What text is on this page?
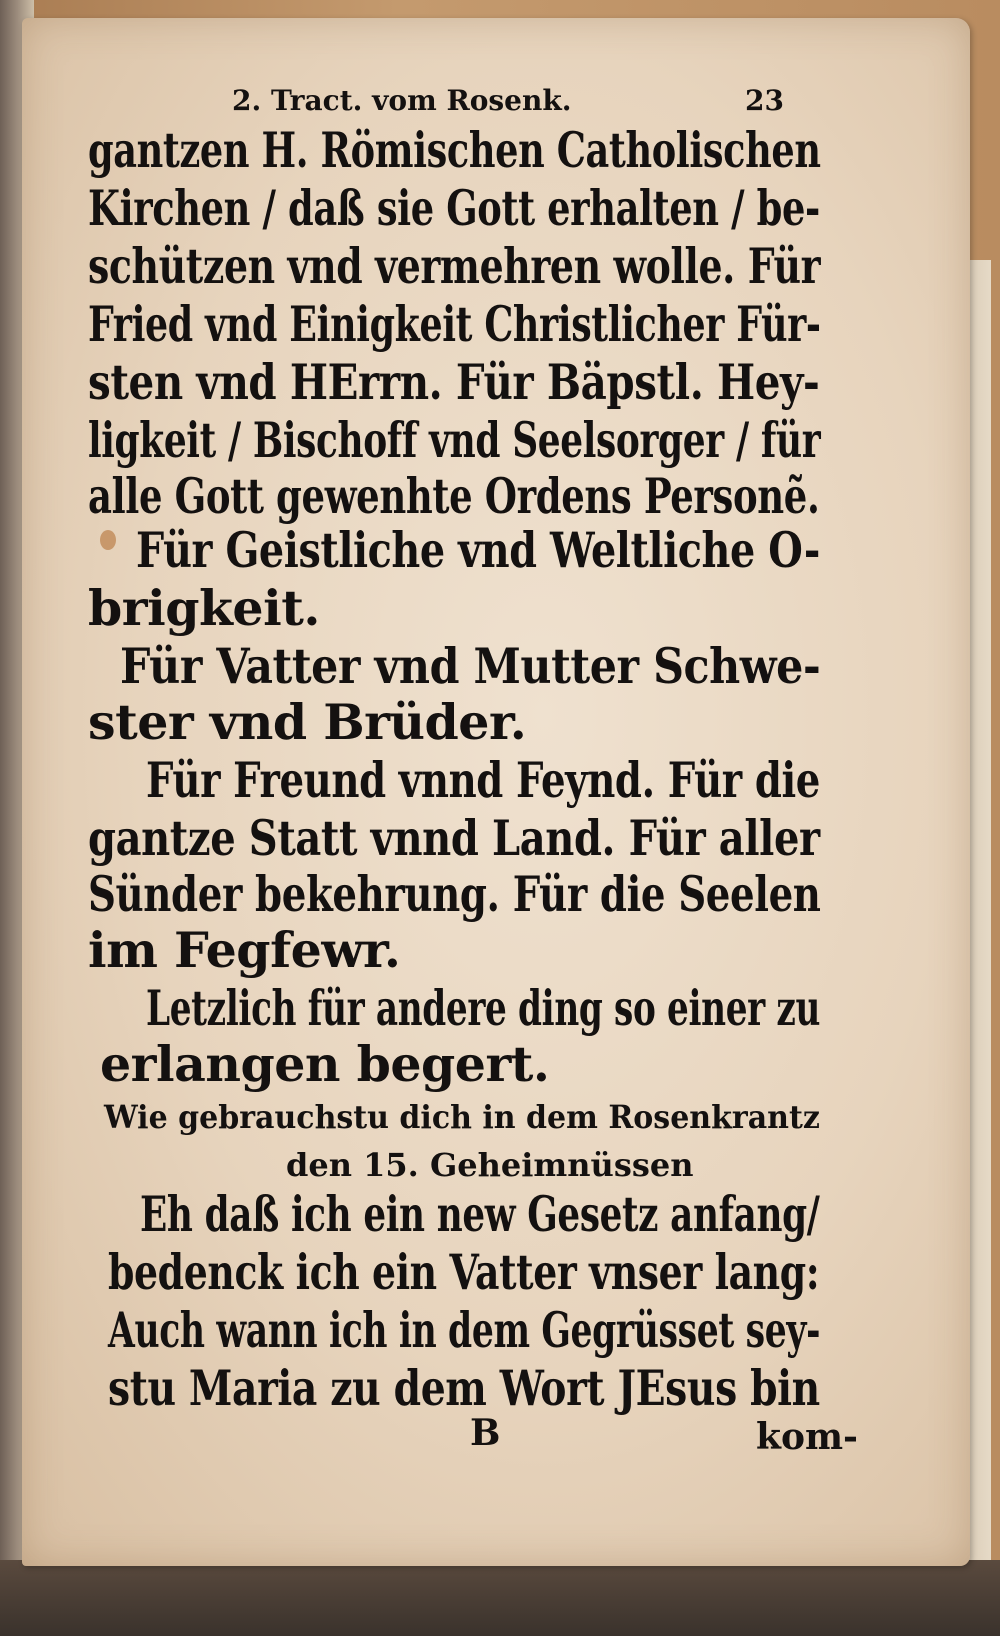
2. Tract. vom Rosenk.	23
gantzen H. Römischen Catholischen
Kirchen / daß sie Gott erhalten / be-
schützen vnd vermehren wolle. Für
Fried vnd Einigkeit Christlicher Für-
sten vnd HErrn. Für Bäpstl. Hey-
ligkeit / Bischoff vnd Seelsorger / für
alle Gott gewenhte Ordens Personẽ.
Für Geistliche vnd Weltliche O-
brigkeit.
Für Vatter vnd Mutter Schwe-
ster vnd Brüder.
Für Freund vnnd Feynd. Für die
gantze Statt vnnd Land. Für aller
Sünder bekehrung. Für die Seelen
im Fegfewr.
Letzlich für andere ding so einer zu
erlangen begert.
Wie gebrauchstu dich in dem Rosenkrantz
den 15. Geheimnüssen
Eh daß ich ein new Gesetz anfang/
bedenck ich ein Vatter vnser lang:
Auch wann ich in dem Gegrüsset sey-
stu Maria zu dem Wort JEsus bin
B	kom-
